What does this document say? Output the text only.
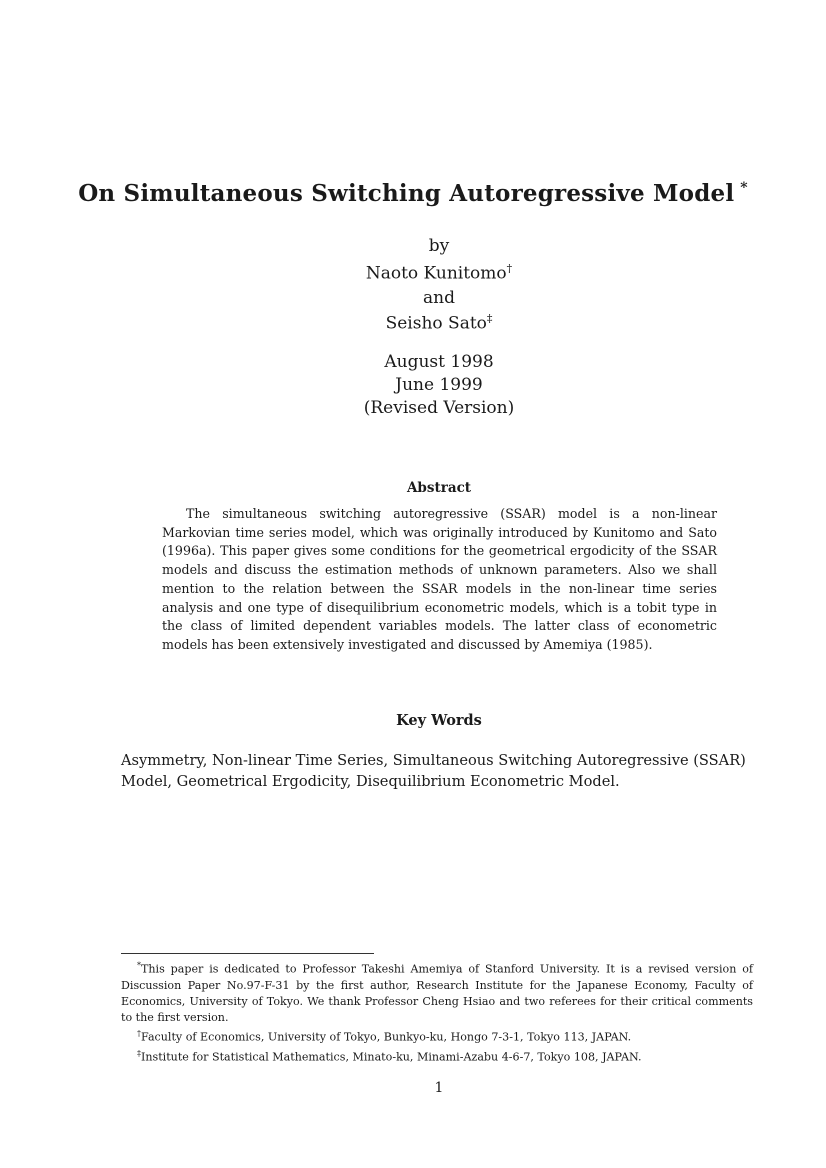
On Simultaneous Switching Autoregressive Model *
by
Naoto Kunitomo†
and
Seisho Sato‡
August 1998
June 1999
(Revised Version)
Abstract
The simultaneous switching autoregressive (SSAR) model is a non-linear Markovian time series model, which was originally introduced by Kunitomo and Sato (1996a). This paper gives some conditions for the geometrical ergodicity of the SSAR models and discuss the estimation methods of unknown parameters. Also we shall mention to the relation between the SSAR models in the non-linear time series analysis and one type of disequilibrium econometric models, which is a tobit type in the class of limited dependent variables models. The latter class of econometric models has been extensively investigated and discussed by Amemiya (1985).
Key Words
Asymmetry, Non-linear Time Series, Simultaneous Switching Autoregressive (SSAR) Model, Geometrical Ergodicity, Disequilibrium Econometric Model.

*This paper is dedicated to Professor Takeshi Amemiya of Stanford University. It is a revised version of Discussion Paper No.97-F-31 by the first author, Research Institute for the Japanese Economy, Faculty of Economics, University of Tokyo. We thank Professor Cheng Hsiao and two referees for their critical comments to the first version.

†Faculty of Economics, University of Tokyo, Bunkyo-ku, Hongo 7-3-1, Tokyo 113, JAPAN.

‡Institute for Statistical Mathematics, Minato-ku, Minami-Azabu 4-6-7, Tokyo 108, JAPAN.

1
